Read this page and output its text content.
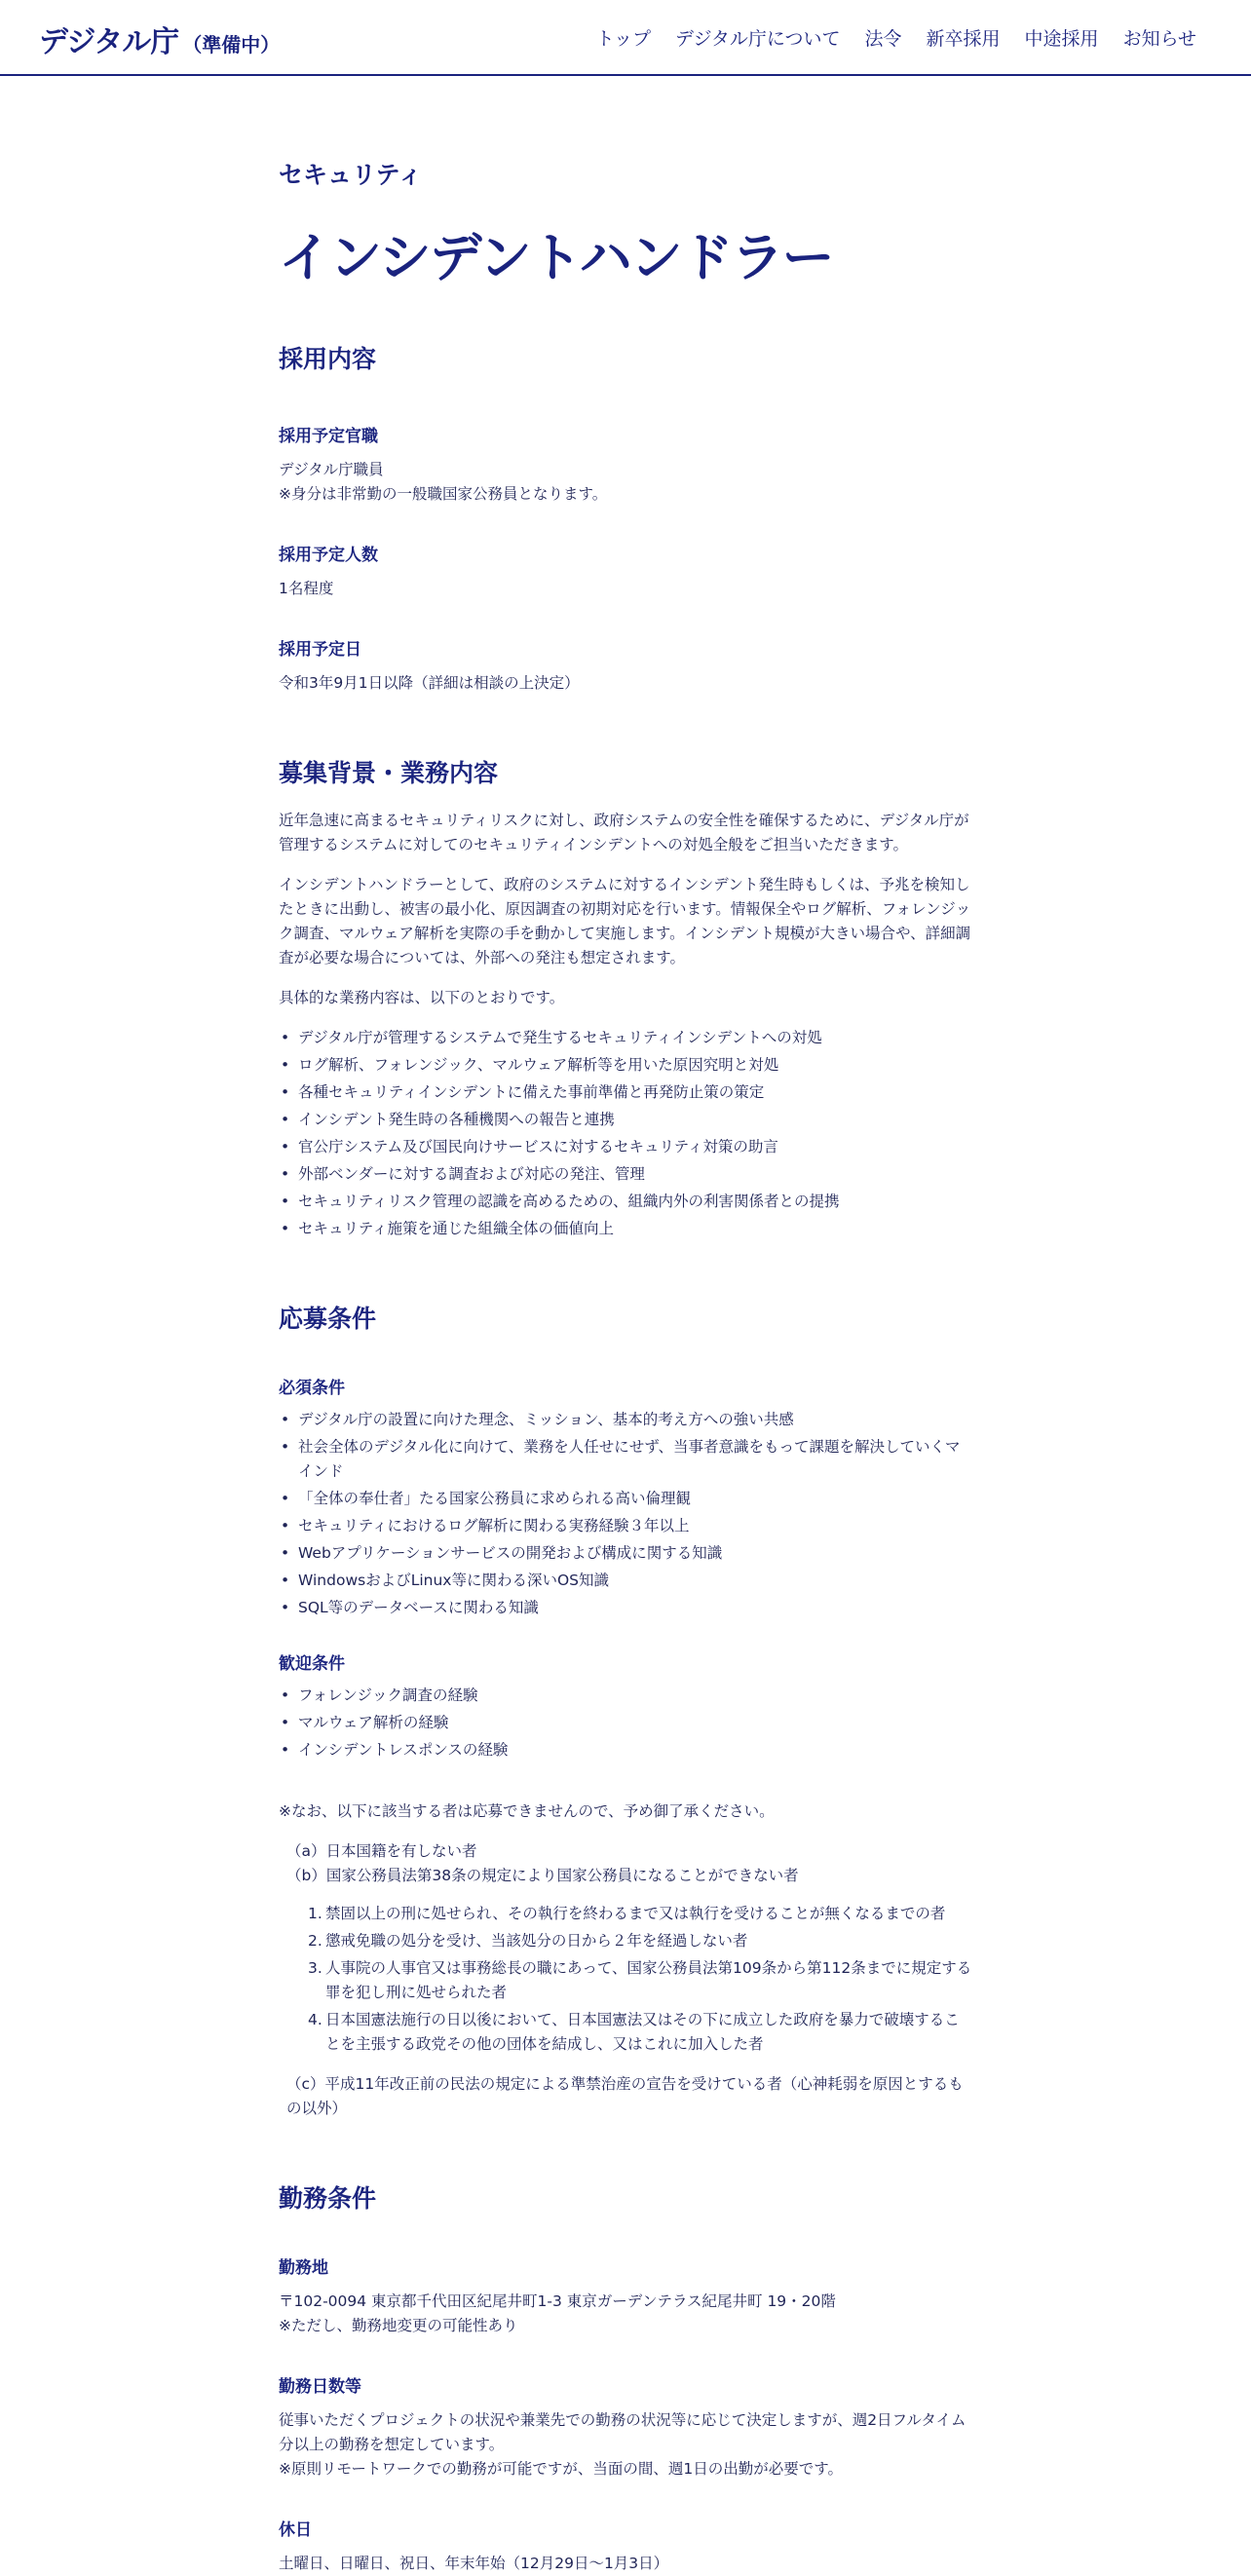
デジタル庁 （準備中）	トップ デジタル庁について 法令 新卒採用 中途採用 お知らせ
セキュリティ
インシデントハンドラー
採用内容
採用予定官職

デジタル庁職員
※身分は非常勤の一般職国家公務員となります。

採用予定人数

1名程度

採用予定日

令和3年9月1日以降（詳細は相談の上決定）

募集背景・業務内容

近年急速に高まるセキュリティリスクに対し、政府システムの安全性を確保するために、デジタル庁が管理するシステムに対してのセキュリティインシデントへの対処全般をご担当いただきます。

インシデントハンドラーとして、政府のシステムに対するインシデント発生時もしくは、予兆を検知したときに出動し、被害の最小化、原因調査の初期対応を行います。情報保全やログ解析、フォレンジック調査、マルウェア解析を実際の手を動かして実施します。インシデント規模が大きい場合や、詳細調査が必要な場合については、外部への発注も想定されます。

具体的な業務内容は、以下のとおりです。

• デジタル庁が管理するシステムで発生するセキュリティインシデントへの対処
• ログ解析、フォレンジック、マルウェア解析等を用いた原因究明と対処
• 各種セキュリティインシデントに備えた事前準備と再発防止策の策定
• インシデント発生時の各種機関への報告と連携
• 官公庁システム及び国民向けサービスに対するセキュリティ対策の助言
• 外部ベンダーに対する調査および対応の発注、管理
• セキュリティリスク管理の認識を高めるための、組織内外の利害関係者との提携
• セキュリティ施策を通じた組織全体の価値向上
応募条件
必須条件
• デジタル庁の設置に向けた理念、ミッション、基本的考え方への強い共感
• 社会全体のデジタル化に向けて、業務を人任せにせず、当事者意識をもって課題を解決していくマインド
• 「全体の奉仕者」たる国家公務員に求められる高い倫理観
• セキュリティにおけるログ解析に関わる実務経験３年以上
• Webアプリケーションサービスの開発および構成に関する知識
• WindowsおよびLinux等に関わる深いOS知識
• SQL等のデータベースに関わる知識
歓迎条件
• フォレンジック調査の経験
• マルウェア解析の経験
• インシデントレスポンスの経験

※なお、以下に該当する者は応募できませんので、予め御了承ください。

（a）日本国籍を有しない者

（b）国家公務員法第38条の規定により国家公務員になることができない者

1. 禁固以上の刑に処せられ、その執行を終わるまで又は執行を受けることが無くなるまでの者
2. 懲戒免職の処分を受け、当該処分の日から２年を経過しない者
3. 人事院の人事官又は事務総長の職にあって、国家公務員法第109条から第112条までに規定する罪を犯し刑に処せられた者
4. 日本国憲法施行の日以後において、日本国憲法又はその下に成立した政府を暴力で破壊することを主張する政党その他の団体を結成し、又はこれに加入した者

（c）平成11年改正前の民法の規定による準禁治産の宣告を受けている者（心神耗弱を原因とするもの以外）

勤務条件
勤務地

〒102-0094 東京都千代田区紀尾井町1-3 東京ガーデンテラス紀尾井町 19・20階
※ただし、勤務地変更の可能性あり

勤務日数等

従事いただくプロジェクトの状況や兼業先での勤務の状況等に応じて決定しますが、週2日フルタイム分以上の勤務を想定しています。
※原則リモートワークでの勤務が可能ですが、当面の間、週1日の出勤が必要です。

休日

土曜日、日曜日、祝日、年末年始（12月29日〜1月3日）
